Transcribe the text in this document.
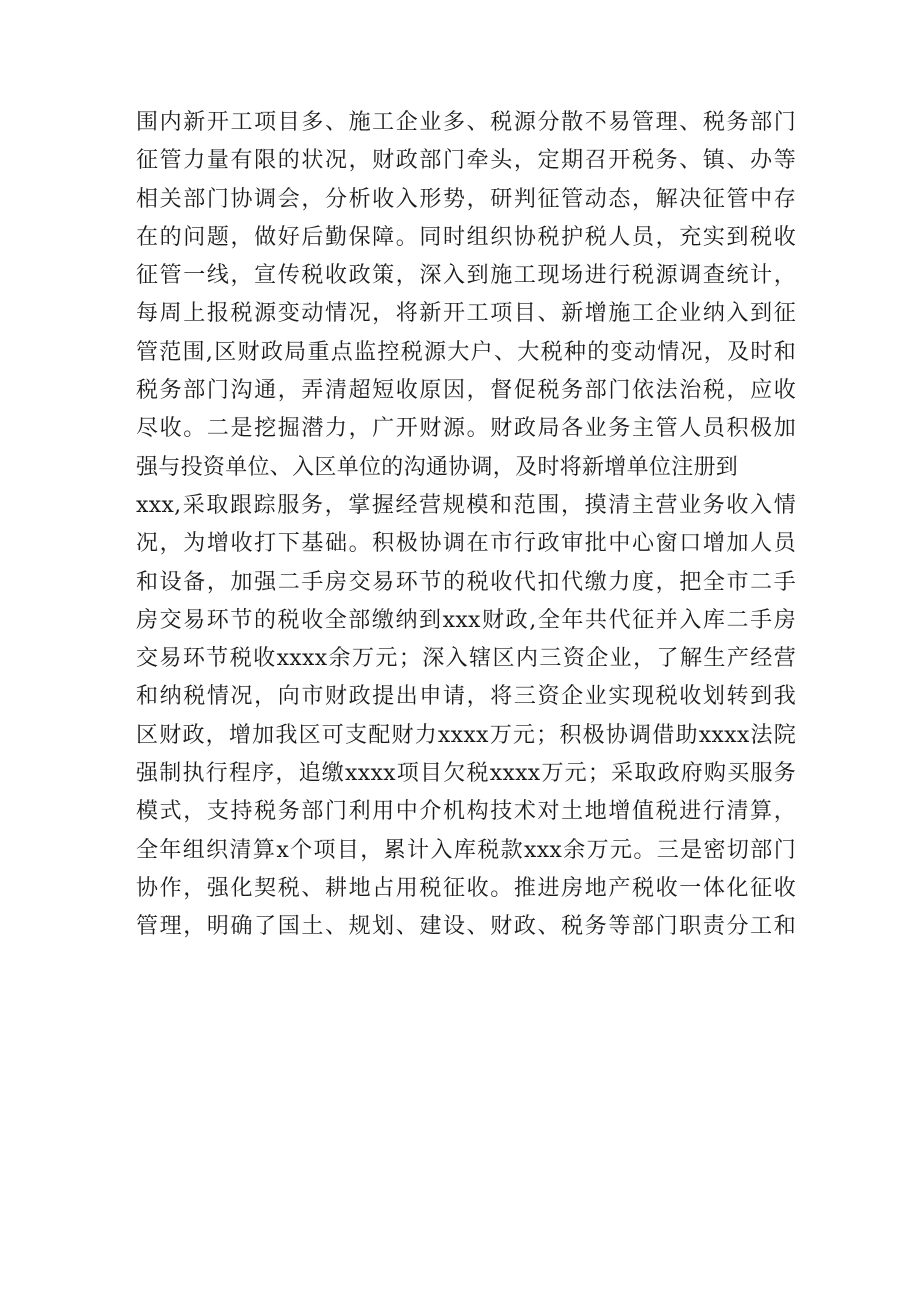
围内新开工项目多、施工企业多、税源分散不易管理、税务部门
征管力量有限的状况，财政部门牵头，定期召开税务、镇、办等
相关部门协调会，分析收入形势，研判征管动态，解决征管中存
在的问题，做好后勤保障。同时组织协税护税人员，充实到税收
征管一线，宣传税收政策，深入到施工现场进行税源调查统计，
每周上报税源变动情况，将新开工项目、新增施工企业纳入到征
管范围,区财政局重点监控税源大户、大税种的变动情况，及时和
税务部门沟通，弄清超短收原因，督促税务部门依法治税，应收
尽收。二是挖掘潜力，广开财源。财政局各业务主管人员积极加
强与投资单位、入区单位的沟通协调，及时将新增单位注册到
xxx,采取跟踪服务，掌握经营规模和范围，摸清主营业务收入情
况，为增收打下基础。积极协调在市行政审批中心窗口增加人员
和设备，加强二手房交易环节的税收代扣代缴力度，把全市二手
房交易环节的税收全部缴纳到xxx财政,全年共代征并入库二手房
交易环节税收xxxx余万元；深入辖区内三资企业，了解生产经营
和纳税情况，向市财政提出申请，将三资企业实现税收划转到我
区财政，增加我区可支配财力xxxx万元；积极协调借助xxxx法院
强制执行程序，追缴xxxx项目欠税xxxx万元；采取政府购买服务
模式，支持税务部门利用中介机构技术对土地增值税进行清算，
全年组织清算x个项目，累计入库税款xxx余万元。三是密切部门
协作，强化契税、耕地占用税征收。推进房地产税收一体化征收
管理，明确了国土、规划、建设、财政、税务等部门职责分工和
